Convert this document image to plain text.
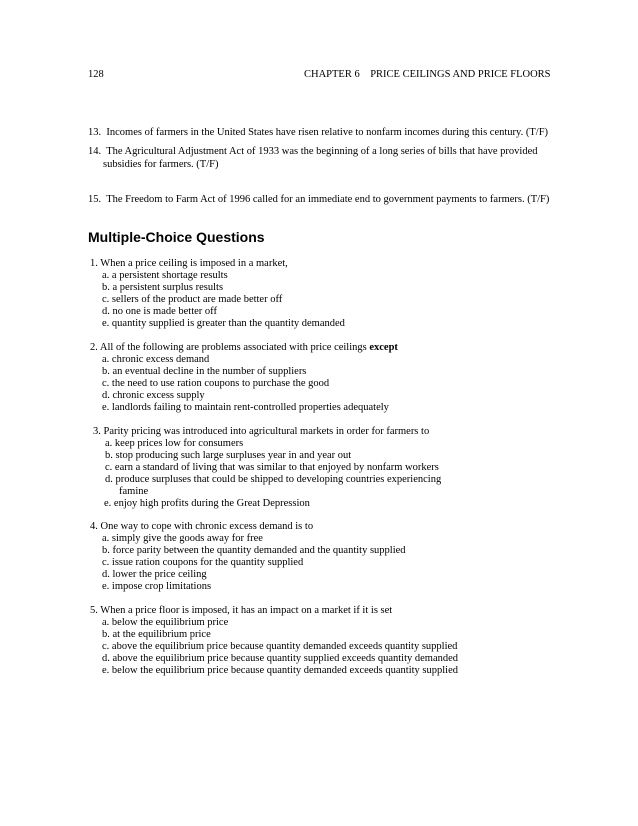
128	CHAPTER 6 PRICE CEILINGS AND PRICE FLOORS
13. Incomes of farmers in the United States have risen relative to nonfarm incomes during this century. (T/F)
14. The Agricultural Adjustment Act of 1933 was the beginning of a long series of bills that have provided
subsidies for farmers. (T/F)
15. The Freedom to Farm Act of 1996 called for an immediate end to government payments to farmers. (T/F)
Multiple-Choice Questions
1. When a price ceiling is imposed in a market,
a. a persistent shortage results
b. a persistent surplus results
c. sellers of the product are made better off
d. no one is made better off
e. quantity supplied is greater than the quantity demanded
2. All of the following are problems associated with price ceilings except
a. chronic excess demand
b. an eventual decline in the number of suppliers
c. the need to use ration coupons to purchase the good
d. chronic excess supply
e. landlords failing to maintain rent-controlled properties adequately
3. Parity pricing was introduced into agricultural markets in order for farmers to
a. keep prices low for consumers
b. stop producing such large surpluses year in and year out
c. earn a standard of living that was similar to that enjoyed by nonfarm workers
d. produce surpluses that could be shipped to developing countries experiencing
famine
e. enjoy high profits during the Great Depression
4. One way to cope with chronic excess demand is to
a. simply give the goods away for free
b. force parity between the quantity demanded and the quantity supplied
c. issue ration coupons for the quantity supplied
d. lower the price ceiling
e. impose crop limitations
5. When a price floor is imposed, it has an impact on a market if it is set
a. below the equilibrium price
b. at the equilibrium price
c. above the equilibrium price because quantity demanded exceeds quantity supplied
d. above the equilibrium price because quantity supplied exceeds quantity demanded
e. below the equilibrium price because quantity demanded exceeds quantity supplied
